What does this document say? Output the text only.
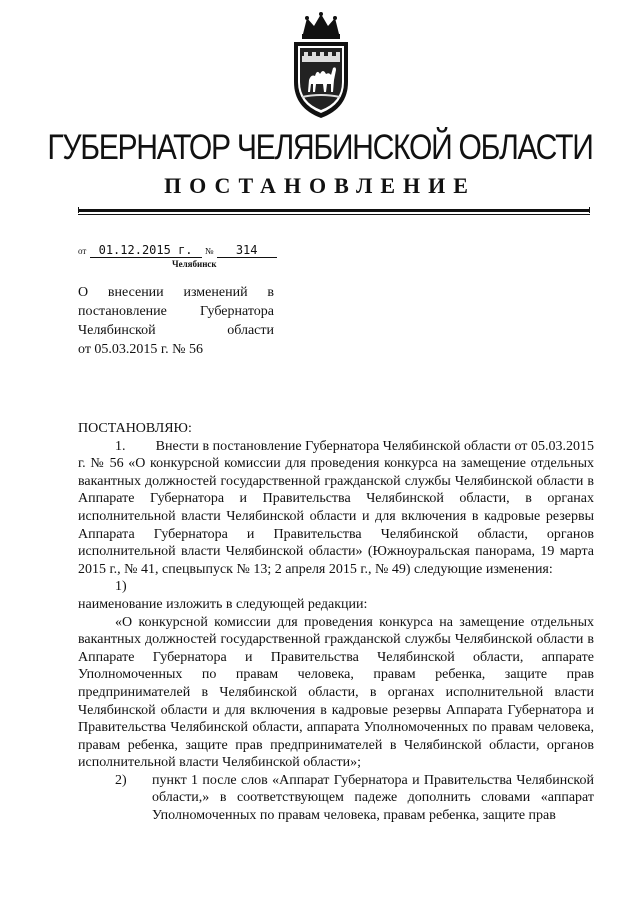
ГУБЕРНАТОР ЧЕЛЯБИНСКОЙ ОБЛАСТИ
ПОСТАНОВЛЕНИЕ
от 01.12.2015 г. № 314
Челябинск
О внесении изменений в
постановление Губернатора
Челябинской области
от 05.03.2015 г. № 56

ПОСТАНОВЛЯЮ:

1. Внести в постановление Губернатора Челябинской области от 05.03.2015 г. № 56 «О конкурсной комиссии для проведения конкурса на замещение отдельных вакантных должностей государственной гражданской службы Челябинской области в Аппарате Губернатора и Правительства Челябинской области, в органах исполнительной власти Челябинской области и для включения в кадровые резервы Аппарата Губернатора и Правительства Челябинской области, органов исполнительной власти Челябинской области» (Южноуральская панорама, 19 марта 2015 г., № 41, спецвыпуск № 13; 2 апреля 2015 г., № 49) следующие изменения:
1)
наименование изложить в следующей редакции:

«О конкурсной комиссии для проведения конкурса на замещение отдельных вакантных должностей государственной гражданской службы Челябинской области в Аппарате Губернатора и Правительства Челябинской области, аппарате Уполномоченных по правам человека, правам ребенка, защите прав предпринимателей в Челябинской области, в органах исполнительной власти Челябинской области и для включения в кадровые резервы Аппарата Губернатора и Правительства Челябинской области, аппарата Уполномоченных по правам человека, правам ребенка, защите прав предпринимателей в Челябинской области, органов исполнительной власти Челябинской области»;

2)	пункт 1 после слов «Аппарат Губернатора и Правительства Челябинской области,» в соответствующем падеже дополнить словами «аппарат Уполномоченных по правам человека, правам ребенка, защите прав
